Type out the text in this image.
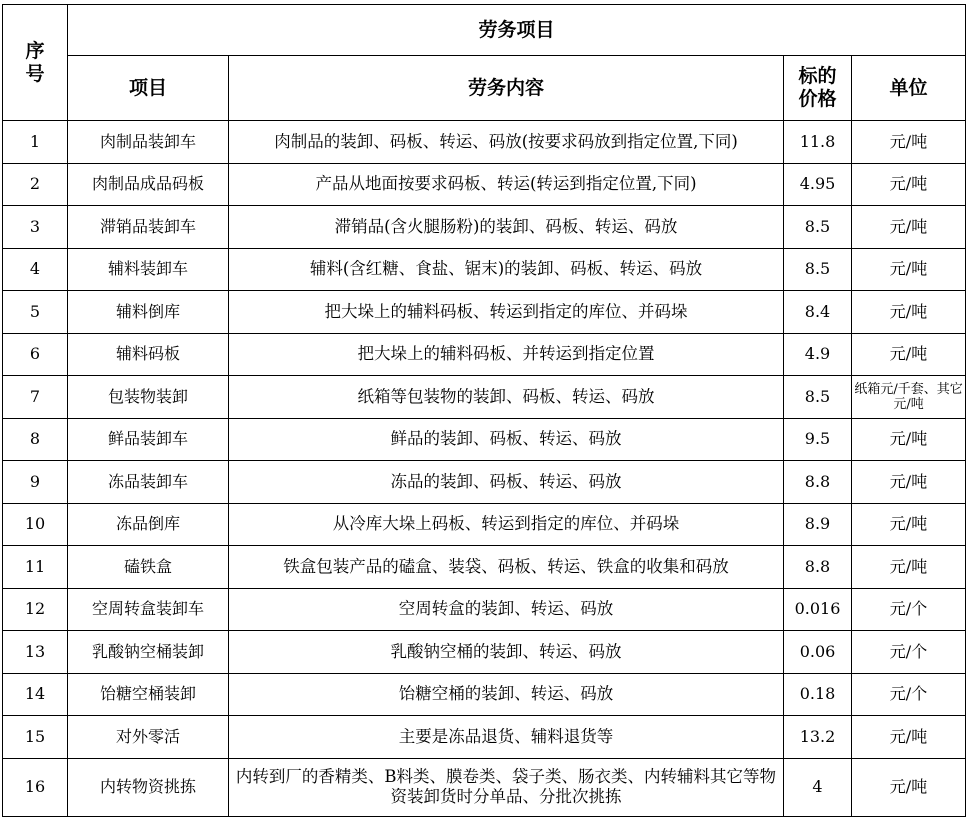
序号	劳务项目			
	项目	劳务内容	标的价格	单位
1	肉制品装卸车	肉制品的装卸、码板、转运、码放(按要求码放到指定位置,下同)	11.8	元/吨
2	肉制品成品码板	产品从地面按要求码板、转运(转运到指定位置,下同)	4.95	元/吨
3	滞销品装卸车	滞销品(含火腿肠粉)的装卸、码板、转运、码放	8.5	元/吨
4	辅料装卸车	辅料(含红糖、食盐、锯末)的装卸、码板、转运、码放	8.5	元/吨
5	辅料倒库	把大垛上的辅料码板、转运到指定的库位、并码垛	8.4	元/吨
6	辅料码板	把大垛上的辅料码板、并转运到指定位置	4.9	元/吨
7	包装物装卸	纸箱等包装物的装卸、码板、转运、码放	8.5	纸箱元/千套、其它元/吨
8	鲜品装卸车	鲜品的装卸、码板、转运、码放	9.5	元/吨
9	冻品装卸车	冻品的装卸、码板、转运、码放	8.8	元/吨
10	冻品倒库	从冷库大垛上码板、转运到指定的库位、并码垛	8.9	元/吨
11	磕铁盒	铁盒包装产品的磕盒、装袋、码板、转运、铁盒的收集和码放	8.8	元/吨
12	空周转盒装卸车	空周转盒的装卸、转运、码放	0.016	元/个
13	乳酸钠空桶装卸	乳酸钠空桶的装卸、转运、码放	0.06	元/个
14	饴糖空桶装卸	饴糖空桶的装卸、转运、码放	0.18	元/个
15	对外零活	主要是冻品退货、辅料退货等	13.2	元/吨
16	内转物资挑拣	内转到厂的香精类、B料类、膜卷类、袋子类、肠衣类、内转辅料其它等物资装卸货时分单品、分批次挑拣	4	元/吨
